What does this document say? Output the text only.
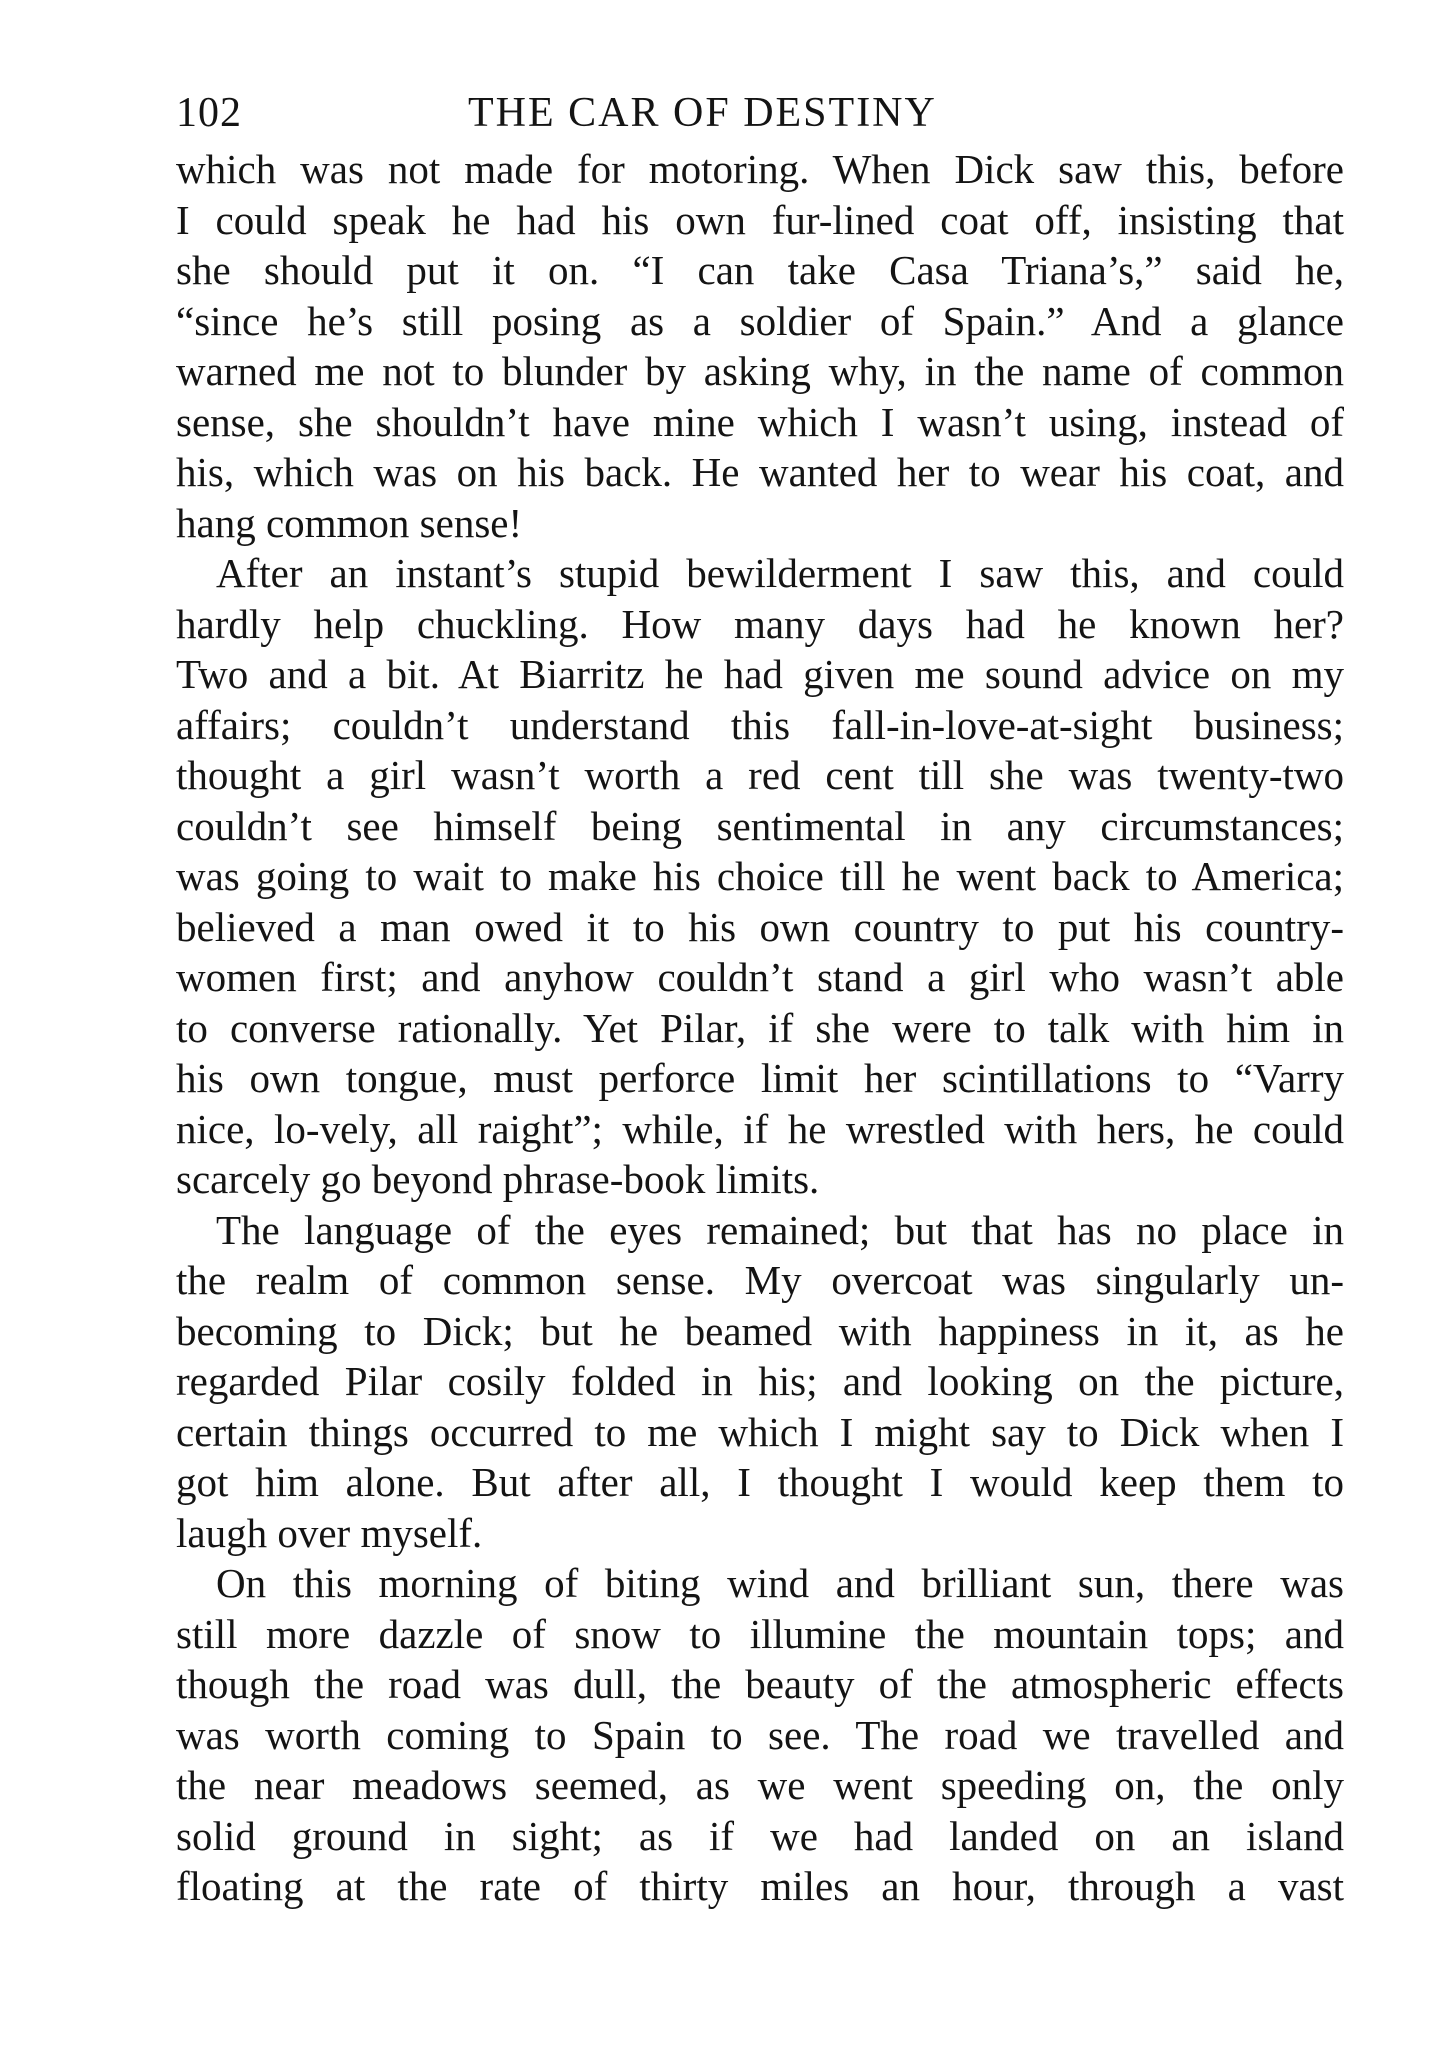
102	THE CAR OF DESTINY
which was not made for motoring. When Dick saw this, before
I could speak he had his own fur-lined coat off, insisting that
she should put it on. “I can take Casa Triana’s,” said he,
“since he’s still posing as a soldier of Spain.” And a glance
warned me not to blunder by asking why, in the name of common
sense, she shouldn’t have mine which I wasn’t using, instead of
his, which was on his back. He wanted her to wear his coat, and
hang common sense!
After an instant’s stupid bewilderment I saw this, and could
hardly help chuckling. How many days had he known her?
Two and a bit. At Biarritz he had given me sound advice on my
affairs; couldn’t understand this fall-in-love-at-sight business;
thought a girl wasn’t worth a red cent till she was twenty-two
couldn’t see himself being sentimental in any circumstances;
was going to wait to make his choice till he went back to America;
believed a man owed it to his own country to put his country-
women first; and anyhow couldn’t stand a girl who wasn’t able
to converse rationally. Yet Pilar, if she were to talk with him in
his own tongue, must perforce limit her scintillations to “Varry
nice, lo-vely, all raight”; while, if he wrestled with hers, he could
scarcely go beyond phrase-book limits.
The language of the eyes remained; but that has no place in
the realm of common sense. My overcoat was singularly un-
becoming to Dick; but he beamed with happiness in it, as he
regarded Pilar cosily folded in his; and looking on the picture,
certain things occurred to me which I might say to Dick when I
got him alone. But after all, I thought I would keep them to
laugh over myself.
On this morning of biting wind and brilliant sun, there was
still more dazzle of snow to illumine the mountain tops; and
though the road was dull, the beauty of the atmospheric effects
was worth coming to Spain to see. The road we travelled and
the near meadows seemed, as we went speeding on, the only
solid ground in sight; as if we had landed on an island
floating at the rate of thirty miles an hour, through a vast
